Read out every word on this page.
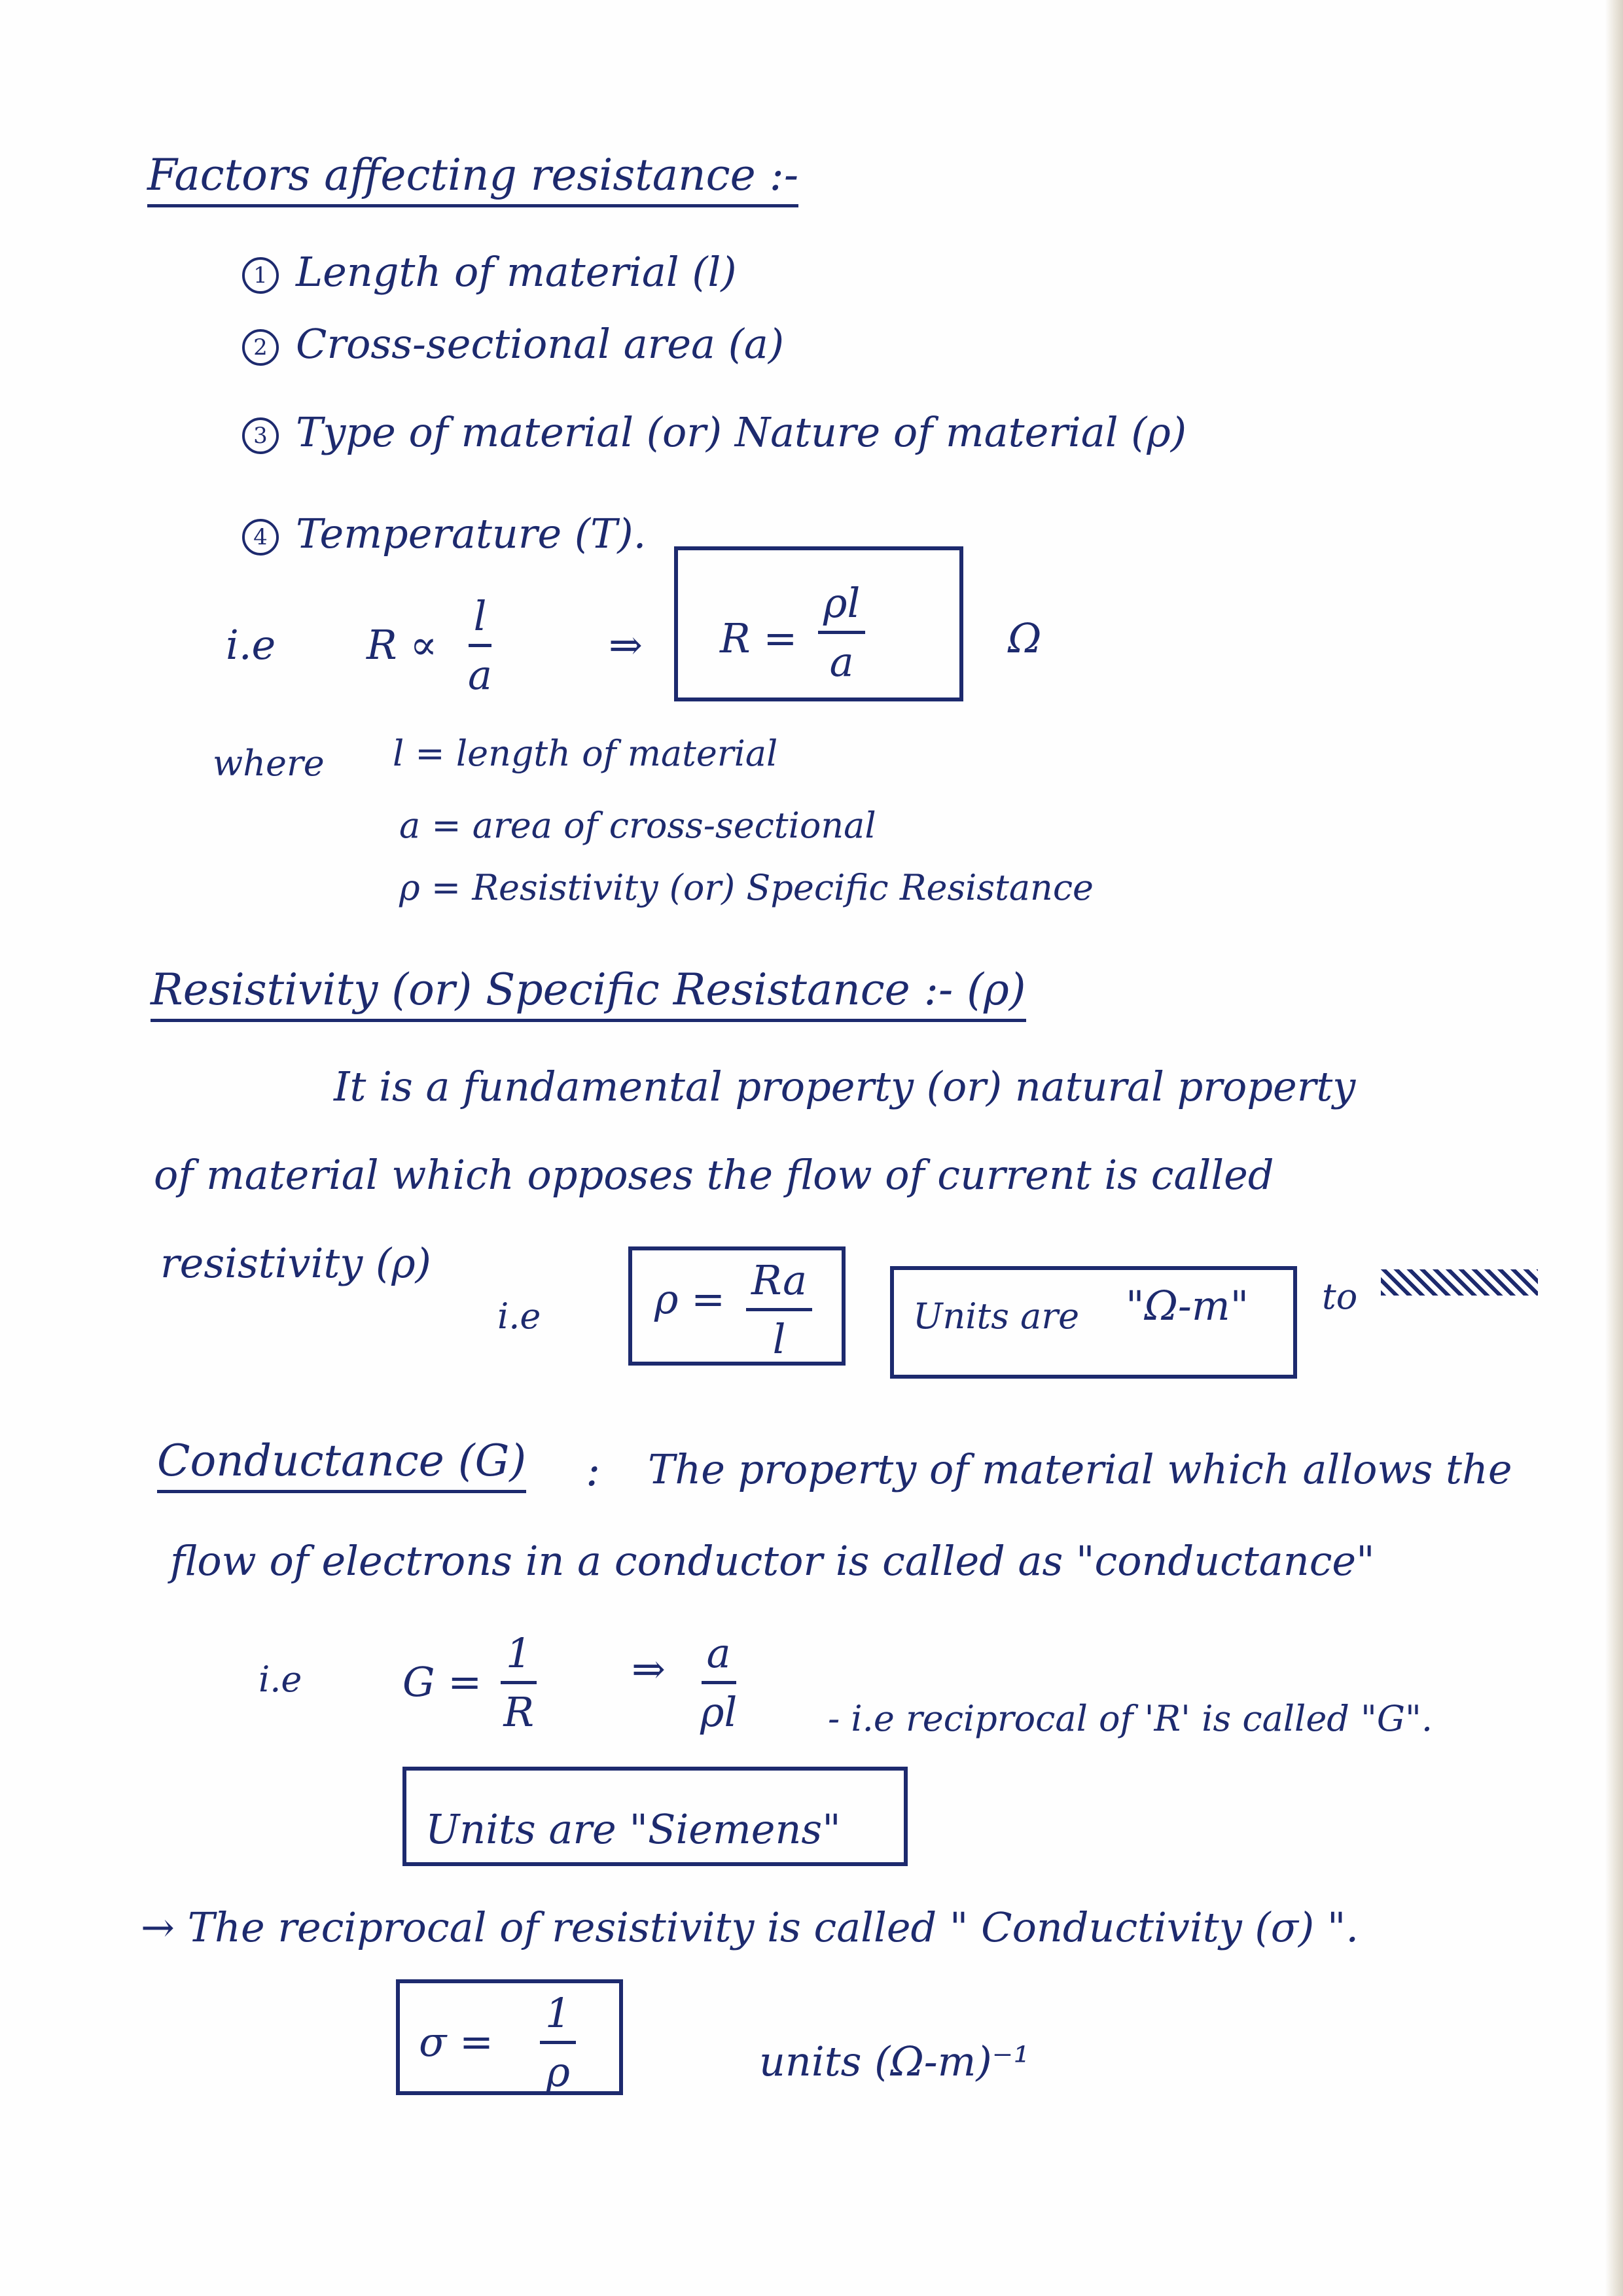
Factors affecting resistance :-
1 Length of material (l)
2 Cross-sectional area (a)
3 Type of material (or) Nature of material (ρ)
4 Temperature (T).
i.e $R \propto \frac{l}{a}$	⇒ $R = \frac{\rho l}{a}$	Ω
where l = length of material
a = area of cross-sectional
ρ = Resistivity (or) Specific Resistance
Resistivity (or) Specific Resistance :- (ρ)
It is a fundamental property (or) natural property
of material which opposes the flow of current is called
resistivity (ρ)
i.e	$\rho = \frac{Ra}{l}$	Units are "Ω-m" to
Conductance (G) : The property of material which allows the
flow of electrons in a conductor is called as "conductance"
i.e $G = \frac{1}{R}$ ⇒ $\frac{a}{\rho l}$	- i.e reciprocal of 'R' is called "G".
Units are "Siemens"
→ The reciprocal of resistivity is called " Conductivity (σ) ".
$\sigma = \frac{1}{\rho}$	units (Ω-m)⁻¹
